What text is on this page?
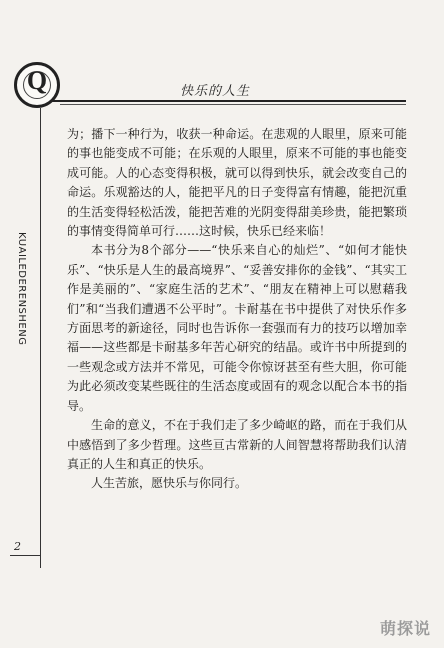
Q	快乐的人生
KUAILEDERENSHENG
2

为；播下一种行为，收获一种命运。在悲观的人眼里，原来可能的事也能变成不可能；在乐观的人眼里，原来不可能的事也能变成可能。人的心态变得积极，就可以得到快乐，就会改变自己的命运。乐观豁达的人，能把平凡的日子变得富有情趣，能把沉重的生活变得轻松活泼，能把苦难的光阴变得甜美珍贵，能把繁琐的事情变得简单可行……这时候，快乐已经来临！

本书分为8个部分——“快乐来自心的灿烂”、“如何才能快乐”、“快乐是人生的最高境界”、“妥善安排你的金钱”、“其实工作是美丽的”、“家庭生活的艺术”、“朋友在精神上可以慰藉我们”和“当我们遭遇不公平时”。卡耐基在书中提供了对快乐作多方面思考的新途径，同时也告诉你一套强而有力的技巧以增加幸福——这些都是卡耐基多年苦心研究的结晶。或许书中所提到的一些观念或方法并不常见，可能令你惊讶甚至有些大胆，你可能为此必须改变某些既往的生活态度或固有的观念以配合本书的指导。

生命的意义，不在于我们走了多少崎岖的路，而在于我们从中感悟到了多少哲理。这些亘古常新的人间智慧将帮助我们认清真正的人生和真正的快乐。

人生苦旅，愿快乐与你同行。

萌探说
